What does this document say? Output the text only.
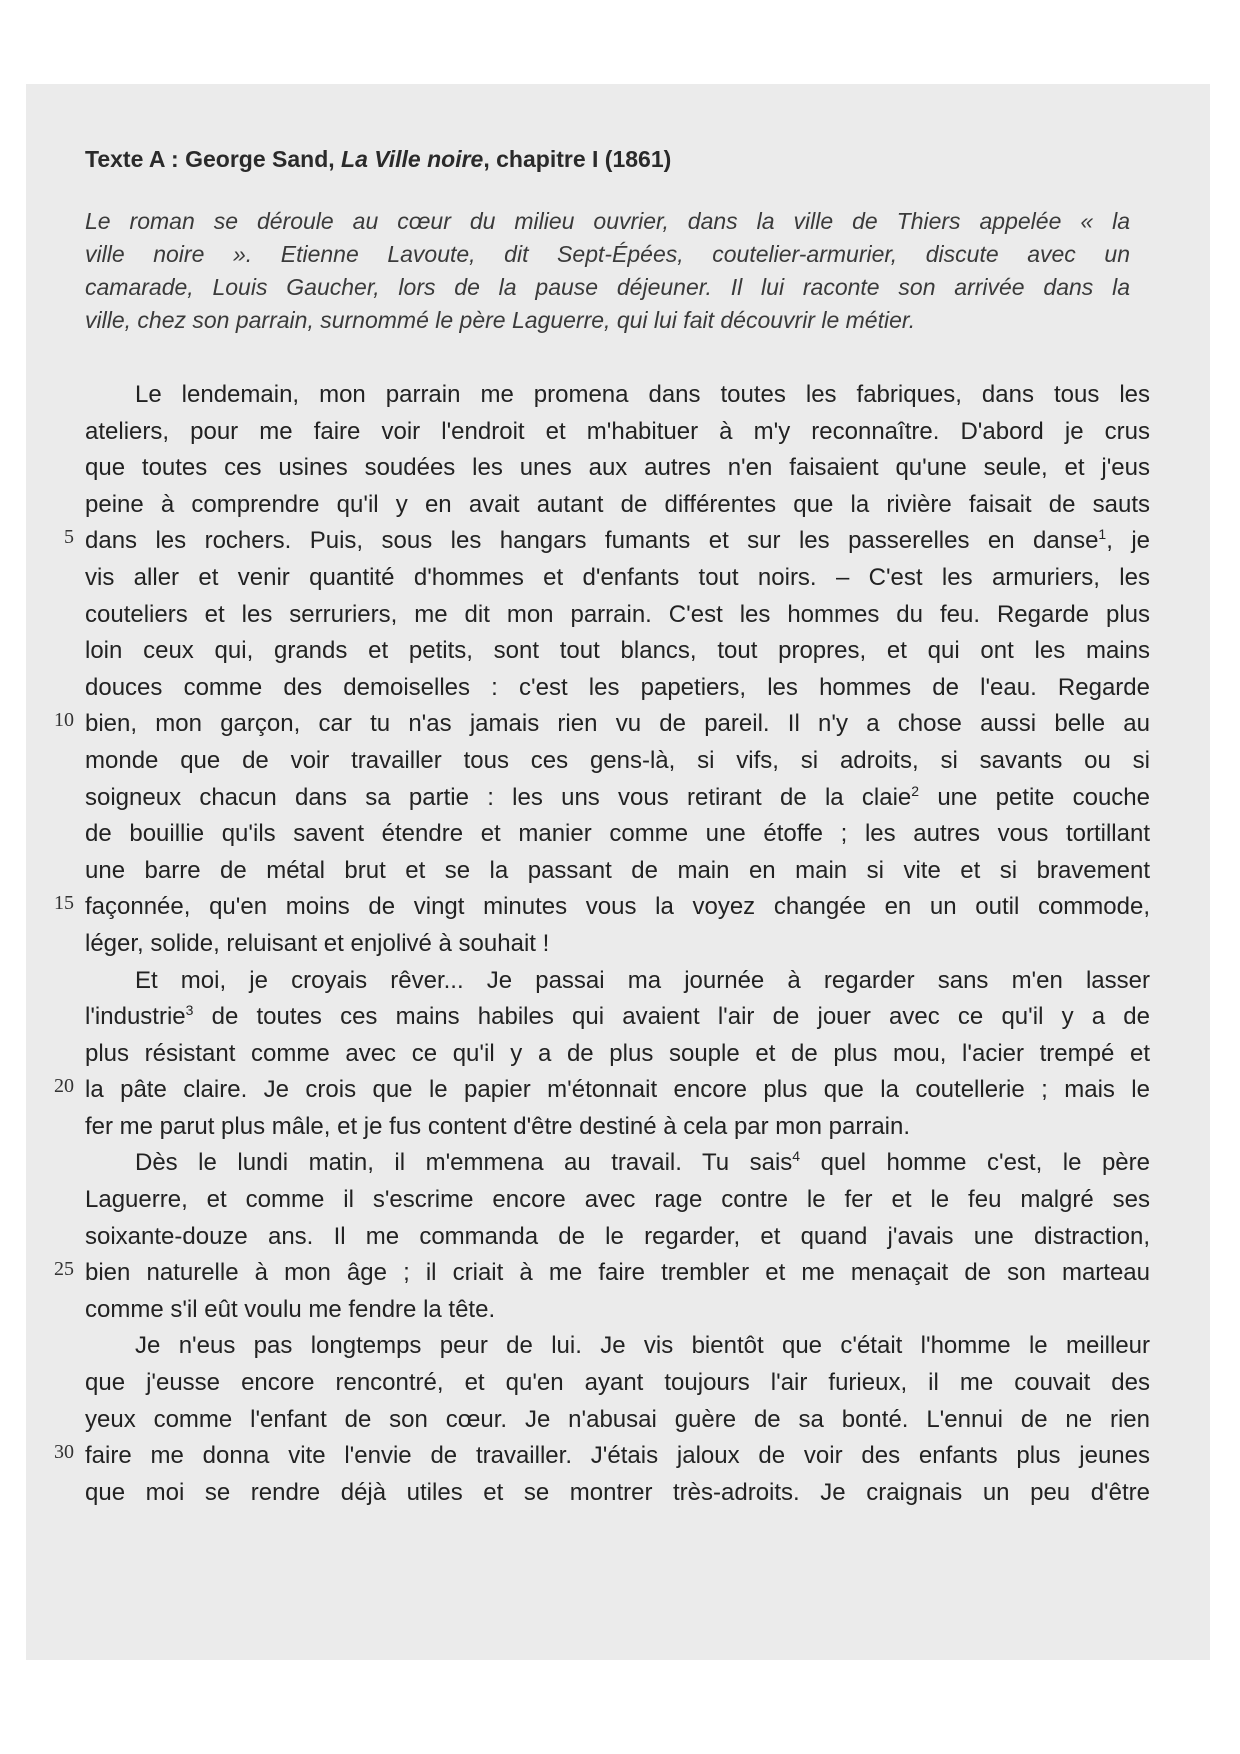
Texte A : George Sand, La Ville noire, chapitre I (1861)
Le roman se déroule au cœur du milieu ouvrier, dans la ville de Thiers appelée « la
ville noire ». Etienne Lavoute, dit Sept-Épées, coutelier-armurier, discute avec un
camarade, Louis Gaucher, lors de la pause déjeuner. Il lui raconte son arrivée dans la
ville, chez son parrain, surnommé le père Laguerre, qui lui fait découvrir le métier.
Le lendemain, mon parrain me promena dans toutes les fabriques, dans tous les
ateliers, pour me faire voir l'endroit et m'habituer à m'y reconnaître. D'abord je crus
que toutes ces usines soudées les unes aux autres n'en faisaient qu'une seule, et j'eus
peine à comprendre qu'il y en avait autant de différentes que la rivière faisait de sauts
dans les rochers. Puis, sous les hangars fumants et sur les passerelles en danse$^1$, je
vis aller et venir quantité d'hommes et d'enfants tout noirs. – C'est les armuriers, les
couteliers et les serruriers, me dit mon parrain. C'est les hommes du feu. Regarde plus
loin ceux qui, grands et petits, sont tout blancs, tout propres, et qui ont les mains
douces comme des demoiselles : c'est les papetiers, les hommes de l'eau. Regarde
bien, mon garçon, car tu n'as jamais rien vu de pareil. Il n'y a chose aussi belle au
monde que de voir travailler tous ces gens-là, si vifs, si adroits, si savants ou si
soigneux chacun dans sa partie : les uns vous retirant de la claie$^2$ une petite couche
de bouillie qu'ils savent étendre et manier comme une étoffe ; les autres vous tortillant
une barre de métal brut et se la passant de main en main si vite et si bravement
façonnée, qu'en moins de vingt minutes vous la voyez changée en un outil commode,
léger, solide, reluisant et enjolivé à souhait !
Et moi, je croyais rêver... Je passai ma journée à regarder sans m'en lasser
l'industrie$^3$ de toutes ces mains habiles qui avaient l'air de jouer avec ce qu'il y a de
plus résistant comme avec ce qu'il y a de plus souple et de plus mou, l'acier trempé et
la pâte claire. Je crois que le papier m'étonnait encore plus que la coutellerie ; mais le
fer me parut plus mâle, et je fus content d'être destiné à cela par mon parrain.
Dès le lundi matin, il m'emmena au travail. Tu sais$^4$ quel homme c'est, le père
Laguerre, et comme il s'escrime encore avec rage contre le fer et le feu malgré ses
soixante-douze ans. Il me commanda de le regarder, et quand j'avais une distraction,
bien naturelle à mon âge ; il criait à me faire trembler et me menaçait de son marteau
comme s'il eût voulu me fendre la tête.
Je n'eus pas longtemps peur de lui. Je vis bientôt que c'était l'homme le meilleur
que j'eusse encore rencontré, et qu'en ayant toujours l'air furieux, il me couvait des
yeux comme l'enfant de son cœur. Je n'abusai guère de sa bonté. L'ennui de ne rien
faire me donna vite l'envie de travailler. J'étais jaloux de voir des enfants plus jeunes
que moi se rendre déjà utiles et se montrer très-adroits. Je craignais un peu d'être
5
10
15
20
25
30
